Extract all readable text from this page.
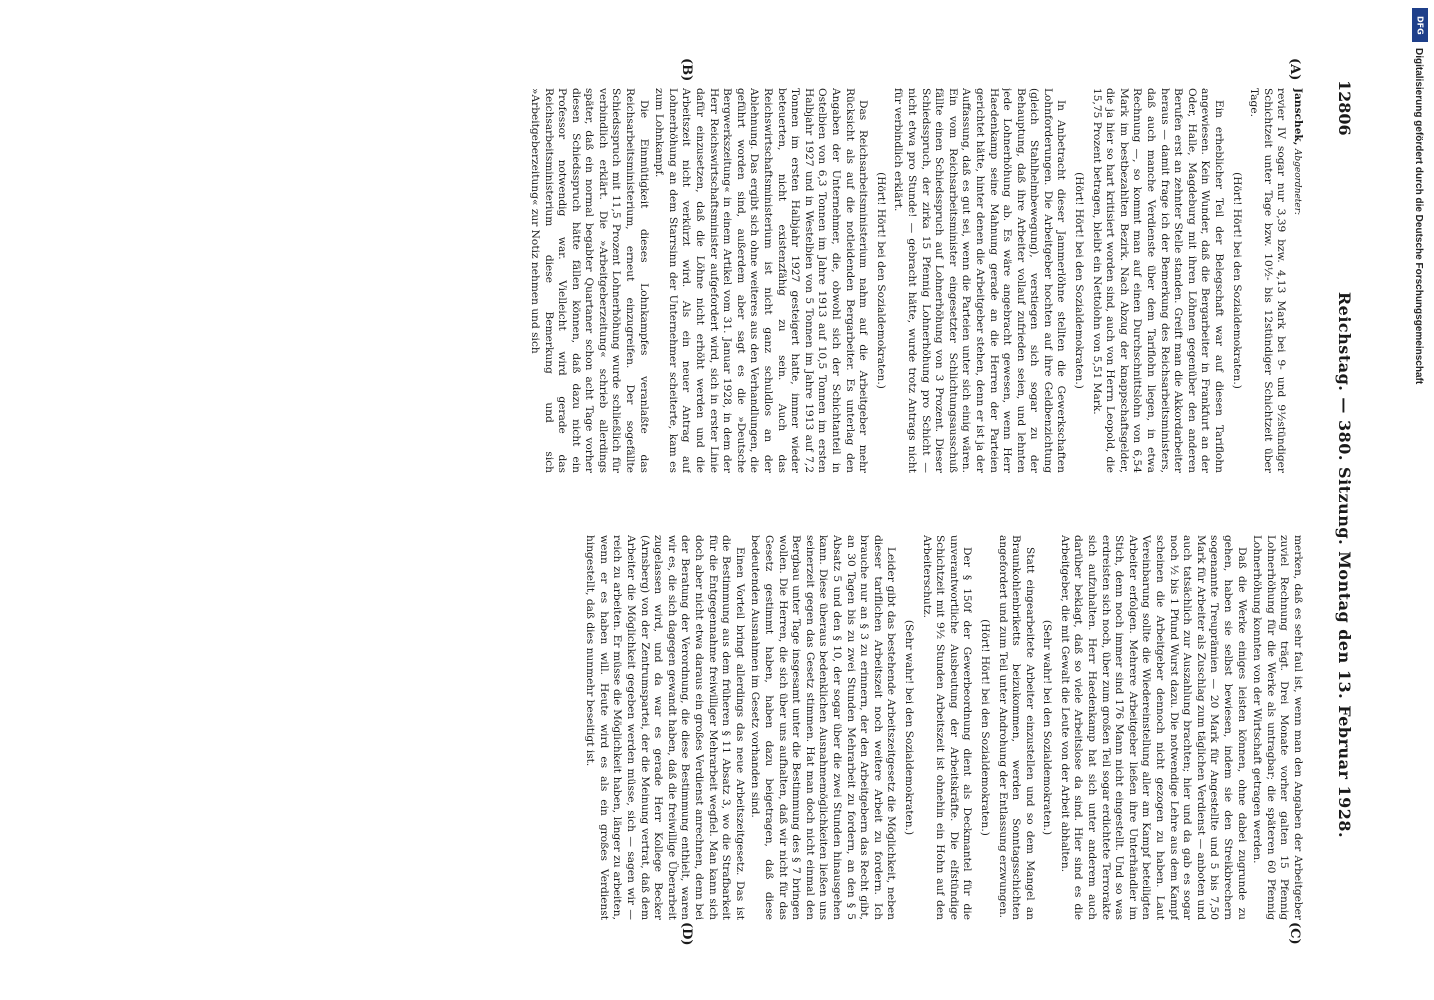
12806
Reichstag. — 380. Sitzung. Montag den 13. Februar 1928.
(A)
(B)
(C)
(D)

Janschek, Abgeordneter:

revier IV sogar nur 3,39 bzw. 4,13 Mark bei 9- und 9½stündiger Schichtzeit unter Tage bzw. 10½- bis 12stündiger Schichtzeit über Tage.

(Hört! Hört! bei den Sozialdemokraten.)

Ein erheblicher Teil der Belegschaft war auf diesen Tariflohn angewiesen. Kein Wunder, daß die Bergarbeiter in Frankfurt an der Oder, Halle, Magdeburg mit ihren Löhnen gegenüber den anderen Berufen erst an zehnter Stelle standen. Greift man die Akkordarbeiter heraus — damit frage ich der Bemerkung des Reichsarbeitsministers, daß auch manche Verdienste über dem Tariflohn liegen, in etwa Rechnung —, so kommt man auf einen Durchschnittslohn von 6,54 Mark im bestbezahlten Bezirk. Nach Abzug der knappschaftsgelder, die ja hier so hart kritisiert worden sind, auch von Herrn Leopold, die 15,75 Prozent betragen, bleibt ein Nettolohn von 5,51 Mark.

(Hört! Hört! bei den Sozialdemokraten.)

In Anbetracht dieser Jammerlöhne stellten die Gewerkschaften Lohnforderungen. Die Arbeitgeber hochten auf ihre Geldbenzichtung (gleich Stahlhelmbewegung), verstiegen sich sogar zu der Behauptung, daß ihre Arbeiter vollauf zufrieden seien, und lehnten jede Lohnerhöhung ab. Es wäre angebracht gewesen, wenn Herr Haedenkamp seine Mahnung gerade an die Herren der Parteien gerichtet hätte, hinter denen die Arbeitgeber stehen, denn er ist ja der Auffassung, daß es gut sei, wenn die Parteien unter sich einig wären. Ein vom Reichsarbeitsminister eingesetzter Schlichtungsausschuß fällte einen Schiedsspruch auf Lohnerhöhung von 3 Prozent. Dieser Schiedsspruch, der zirka 15 Pfennig Lohnerhöhung pro Schicht — nicht etwa pro Stunde! — gebracht hätte, wurde trotz Antrags nicht für verbindlich erklärt.

(Hört! Hört! bei den Sozialdemokraten.)

Das Reichsarbeitsministerium nahm auf die Arbeitgeber mehr Rücksicht als auf die notleidenden Bergarbeiter. Es unterlag den Angaben der Unternehmer, die, obwohl sich der Schichtanteil in Ostelbien von 6,3 Tonnen im Jahre 1913 auf 10,5 Tonnen im ersten Halbjahr 1927 und in Westelbien von 5 Tonnen im Jahre 1913 auf 7,2 Tonnen im ersten Halbjahr 1927 gesteigert hatte, immer wieder beteuerten, nicht existenzfähig zu sein. Auch das Reichswirtschaftsministerium ist nicht ganz schuldlos an der Ablehnung. Das ergibt sich ohne weiteres aus den Verhandlungen, die geführt worden sind, außerdem aber sagt es die »Deutsche Bergwerkszeitung« in einem Artikel vom 31. Januar 1928, in dem der Herr Reichswirtschaftsminister aufgefordert wird, sich in erster Linie dafür einzusetzen, daß die Löhne nicht erhöht werden und die Arbeitszeit nicht verkürzt wird. Als ein neuer Antrag auf Lohnerhöhung an dem Starrsinn der Unternehmer scheiterte, kam es zum Lohnkampf.

Die Einmütigkeit dieses Lohnkampfes veranlaßte das Reichsarbeitsministerium, erneut einzugreifen. Der sogefällte Schiedsspruch mit 11,5 Prozent Lohnerhöhung wurde schließlich für verbindlich erklärt. Die »Arbeitgeberzeitung« schrieb allerdings später, daß ein normal begabter Quartaner schon acht Tage vorher diesen Schiedsspruch hätte fällen können, daß dazu nicht ein Professor notwendig war. Vielleicht wird gerade das Reichsarbeitsministerium diese Bemerkung und sich »Arbeitgeberzeitung« zur Notiz nehmen und sich

merken, daß es sehr faul ist, wenn man den Angaben der Arbeitgeber zuviel Rechnung trägt. Drei Monate vorher galten 15 Pfennig Lohnerhöhung für die Werke als untragbar; die späteren 60 Pfennig Lohnerhöhung konnten von der Wirtschaft getragen werden.

Daß die Werke einiges leisten können, ohne dabei zugrunde zu gehen, haben sie selbst bewiesen, indem sie den Streikbrechern sogenannte Treuprämien — 20 Mark für Angestellte und 5 bis 7,50 Mark für Arbeiter als Zuschlag zum täglichen Verdienst — anboten und auch tatsächlich zur Auszahlung brachten; hier und da gab es sogar noch ½ bis 1 Pfund Wurst dazu. Die notwendige Lehre aus dem Kampf scheinen die Arbeitgeber dennoch nicht gezogen zu haben. Laut Vereinbarung sollte die Wiedereinstellung aller am Kampf beteiligten Arbeiter erfolgen. Mehrere Arbeitgeber ließen ihre Unterhändler im Stich, denn noch immer sind 176 Mann nicht eingestellt. Und so was erdreisten sich noch, über zum großen Teil sogar erdichtete Terrorakte sich aufzuhalten. Herr Haedenkamp hat sich unter anderem auch darüber beklagt, daß so viele Arbeitslose da sind. Hier sind es die Arbeitgeber, die mit Gewalt die Leute von der Arbeit abhalten.

(Sehr wahr! bei den Sozialdemokraten.)

Statt eingearbeitete Arbeiter einzustellen und so dem Mangel an Braunkohlenbriketts beizukommen, werden Sonntagsschichten angefordert und zum Teil unter Androhung der Entlassung erzwungen.

(Hört! Hört! bei den Sozialdemokraten.)

Der § 150f der Gewerbeordnung dient als Deckmantel für die unverantwortliche Ausbeutung der Arbeitskräfte. Die elfstündige Schichtzeit mit 9½ Stunden Arbeitszeit ist ohnehin ein Hohn auf den Arbeiterschutz.

(Sehr wahr! bei den Sozialdemokraten.)

Leider gibt das bestehende Arbeitszeitgesetz die Möglichkeit, neben dieser tariflichen Arbeitszeit noch weitere Arbeit zu fordern. Ich brauche nur an § 3 zu erinnern, der den Arbeitgebern das Recht gibt, an 30 Tagen bis zu zwei Stunden Mehrarbeit zu fordern, an den § 5 Absatz 5 und den § 10, der sogar über die zwei Stunden hinausgehen kann. Diese überaus bedenklichen Ausnahmemöglichkeiten ließen uns seinerzeit gegen das Gesetz stimmen. Hat man doch nicht einmal den Bergbau unter Tage insgesamt unter die Bestimmung des § 7 bringen wollen. Die Herren, die sich über uns aufhalten, daß wir nicht für das Gesetz gestimmt haben, haben dazu beigetragen, daß diese bedeutenden Ausnahmen im Gesetz vorhanden sind.

Einen Vorteil bringt allerdings das neue Arbeitszeitgesetz. Das ist die Bestimmung aus dem früheren § 11 Absatz 3, wo die Strafbarkeit für die Entgegennahme freiwilliger Mehrarbeit wegfiel. Man kann sich doch aber nicht etwa daraus ein großes Verdienst anrechnen, denn bei der Beratung der Verordnung, die diese Bestimmung enthielt, waren wir es, die sich dagegen gewandt haben, daß die freiwillige Überarbeit zugelassen wird, und da war es gerade Herr Kollege Becker (Arnsberg) von der Zentrumspartei, der die Meinung vertrat, daß dem Arbeiter die Möglichkeit gegeben werden müsse, sich — sagen wir — reich zu arbeiten. Er müsse die Möglichkeit haben, länger zu arbeiten, wenn er es haben will. Heute wird es als ein großes Verdienst hingestellt, daß dies nunmehr beseitigt ist.

DFG
Digitalisierung gefördert durch die Deutsche Forschungsgemeinschaft
